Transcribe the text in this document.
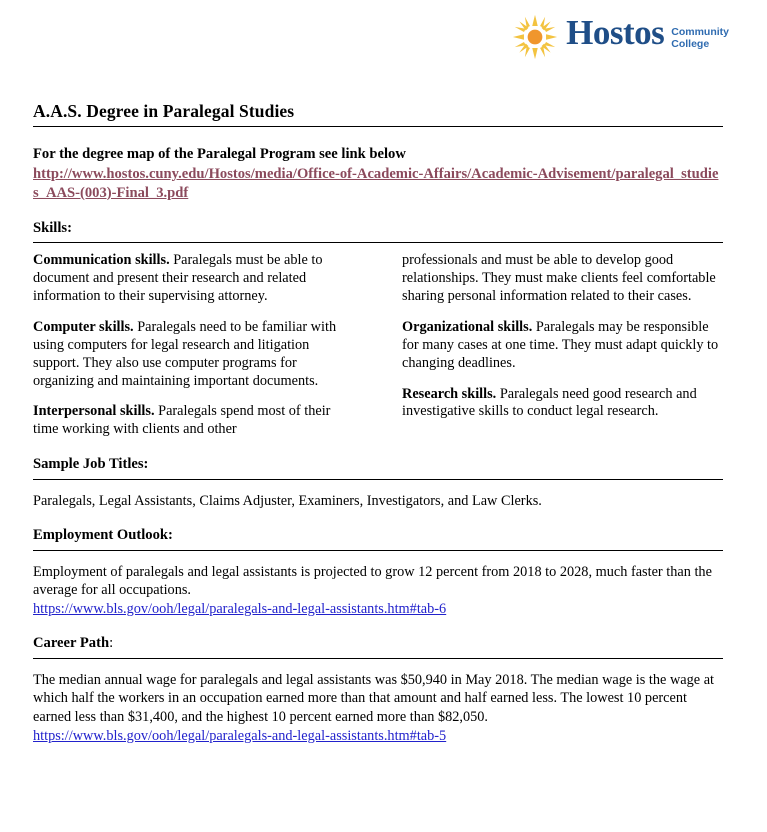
Hostos Community
College
A.A.S. Degree in Paralegal Studies

For the degree map of the Paralegal Program see link below

http://www.hostos.cuny.edu/Hostos/media/Office-of-Academic-Affairs/Academic-Advisement/paralegal_studies_AAS-(003)-Final_3.pdf
Skills:

Communication skills. Paralegals must be able to document and present their research and related information to their supervising attorney.

Computer skills. Paralegals need to be familiar with using computers for legal research and litigation support. They also use computer programs for organizing and maintaining important documents.

Interpersonal skills. Paralegals spend most of their time working with clients and other

professionals and must be able to develop good relationships. They must make clients feel comfortable sharing personal information related to their cases.

Organizational skills. Paralegals may be responsible for many cases at one time. They must adapt quickly to changing deadlines.

Research skills. Paralegals need good research and investigative skills to conduct legal research.

Sample Job Titles:

Paralegals, Legal Assistants, Claims Adjuster, Examiners, Investigators, and Law Clerks.

Employment Outlook:

Employment of paralegals and legal assistants is projected to grow 12 percent from 2018 to 2028, much faster than the average for all occupations.

https://www.bls.gov/ooh/legal/paralegals-and-legal-assistants.htm#tab-6
Career Path:

The median annual wage for paralegals and legal assistants was $50,940 in May 2018. The median wage is the wage at which half the workers in an occupation earned more than that amount and half earned less. The lowest 10 percent earned less than $31,400, and the highest 10 percent earned more than $82,050.

https://www.bls.gov/ooh/legal/paralegals-and-legal-assistants.htm#tab-5
